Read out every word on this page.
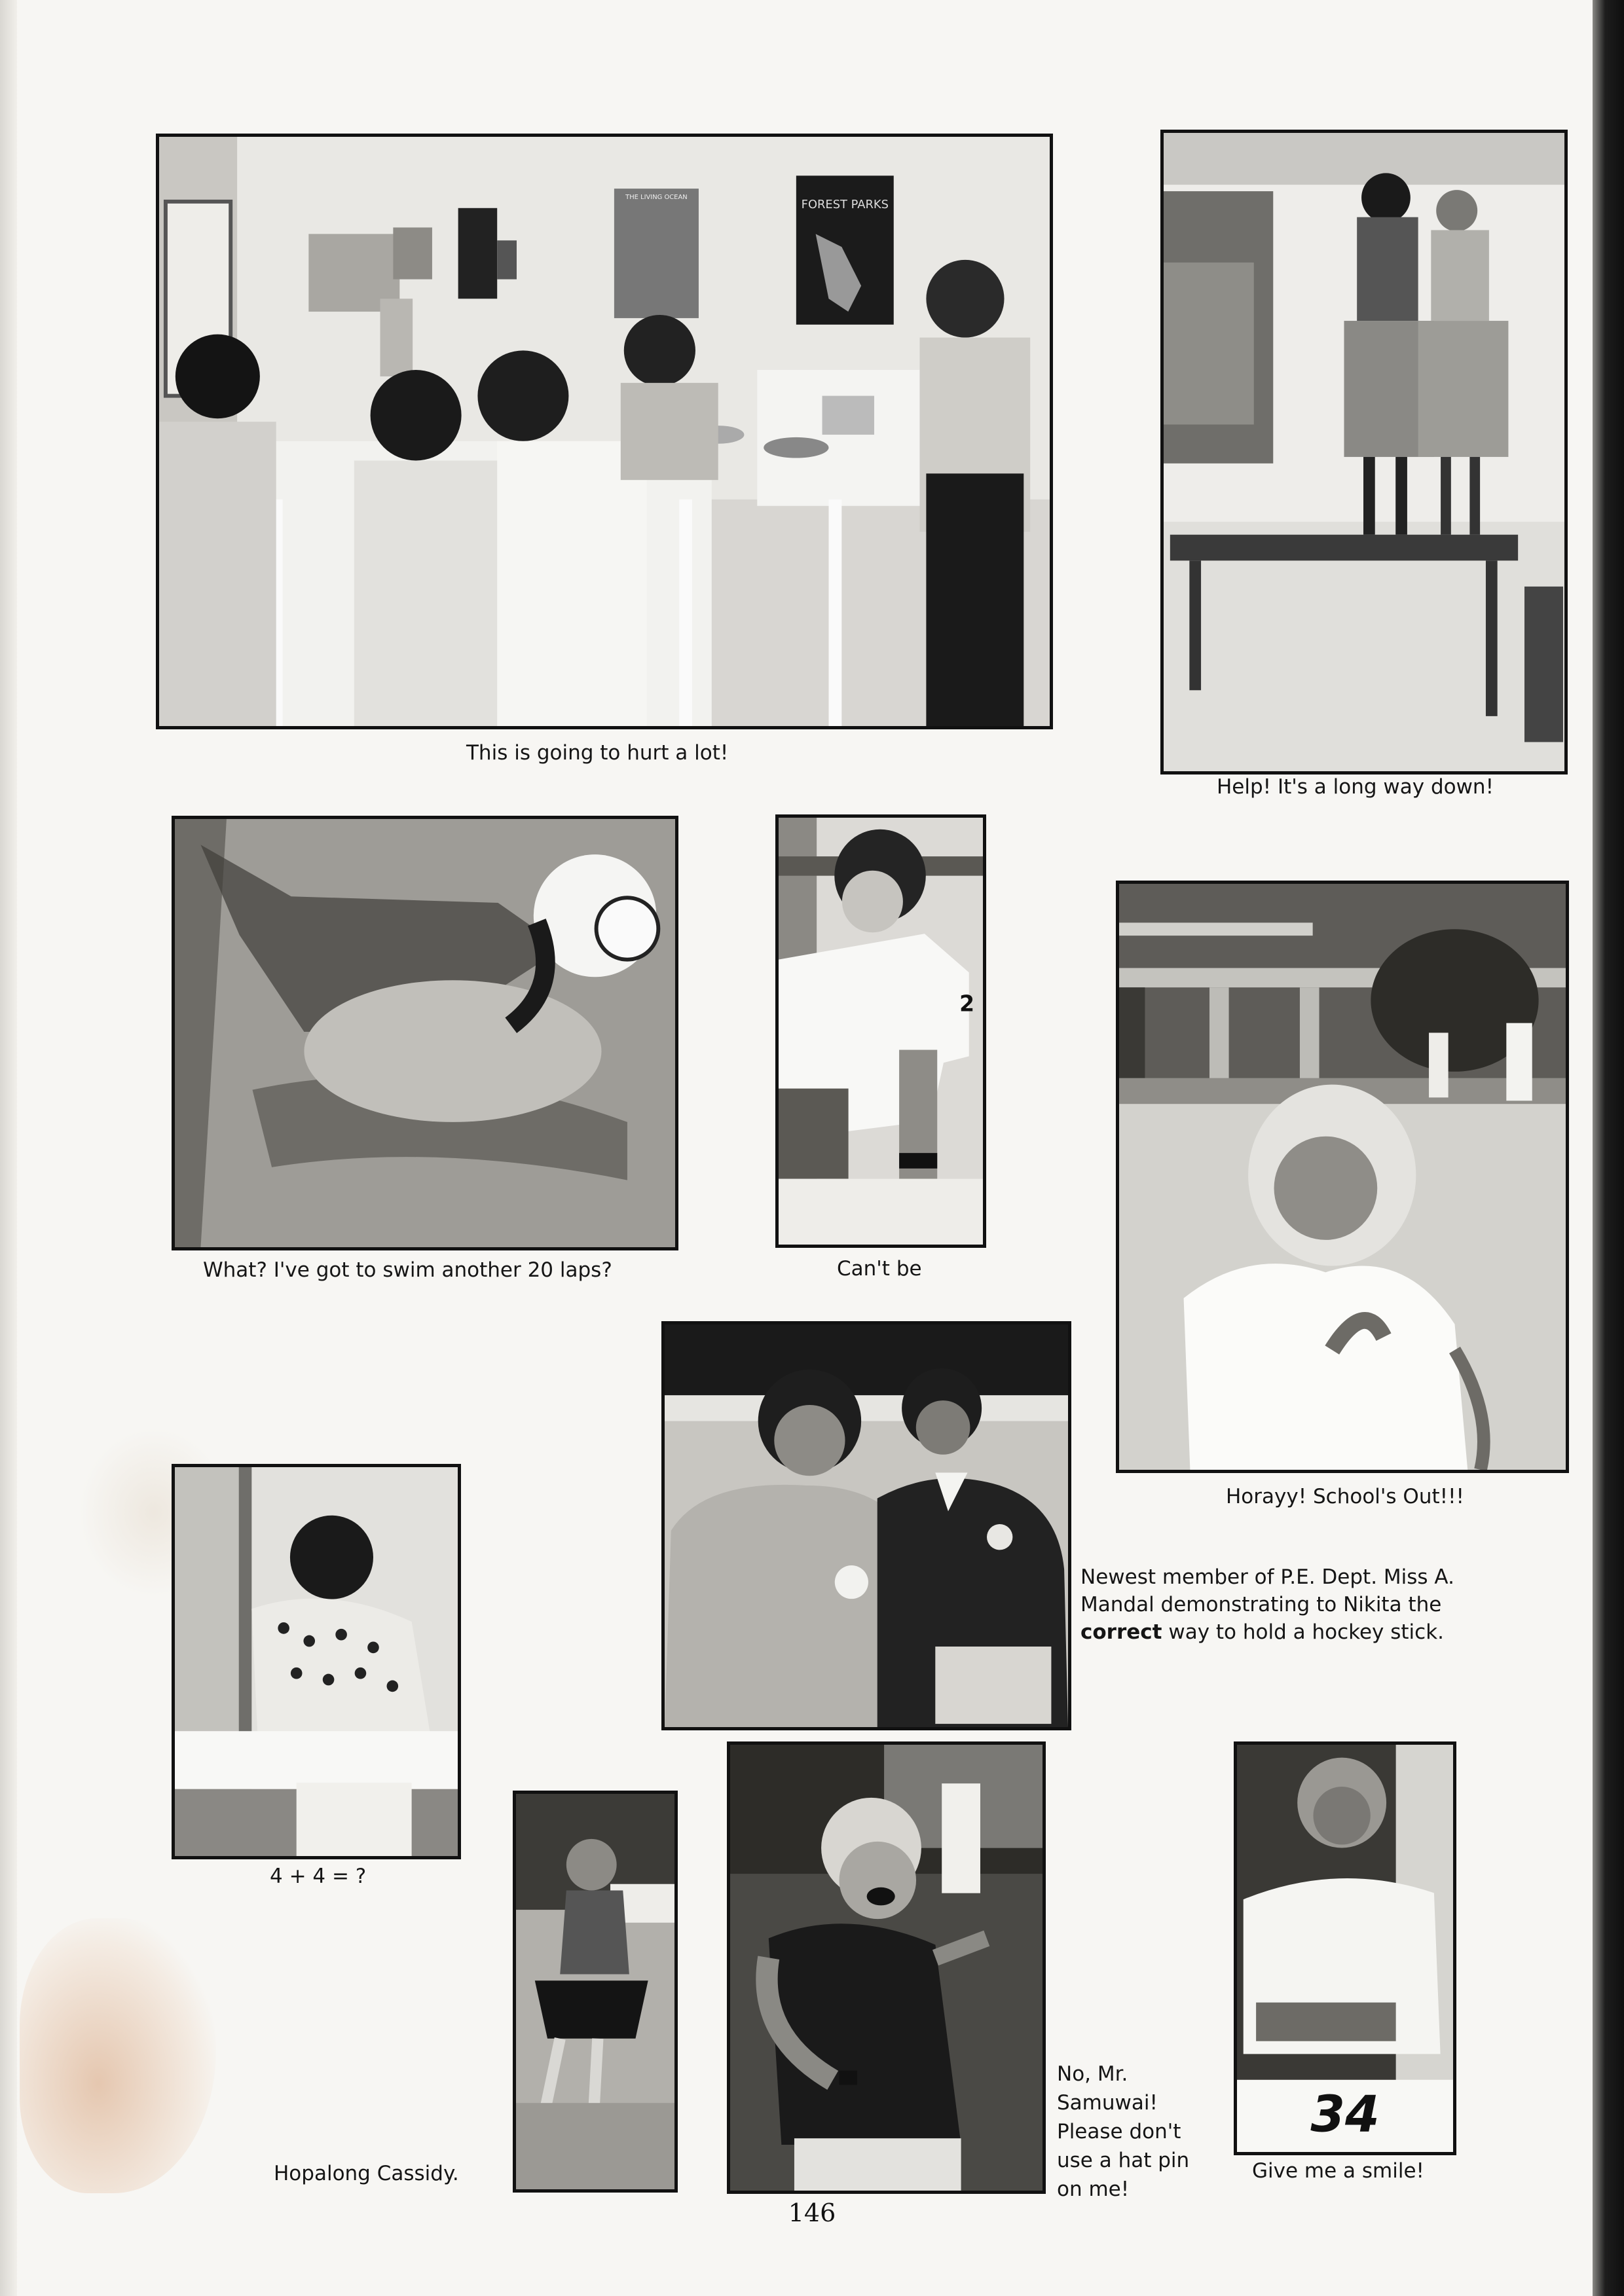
THE LIVING OCEAN
FOREST PARKS
This is going to hurt a lot!
Help! It's a long way down!
What? I've got to swim another 20 laps?
2
Can't be
Horayy! School's Out!!!
Newest member of P.E. Dept. Miss A. Mandal demonstrating to Nikita the correct way to hold a hockey stick.
4 + 4 = ?
Hopalong Cassidy.
No, Mr. Samuwai! Please don't use a hat pin on me!
34
Give me a smile!
146
